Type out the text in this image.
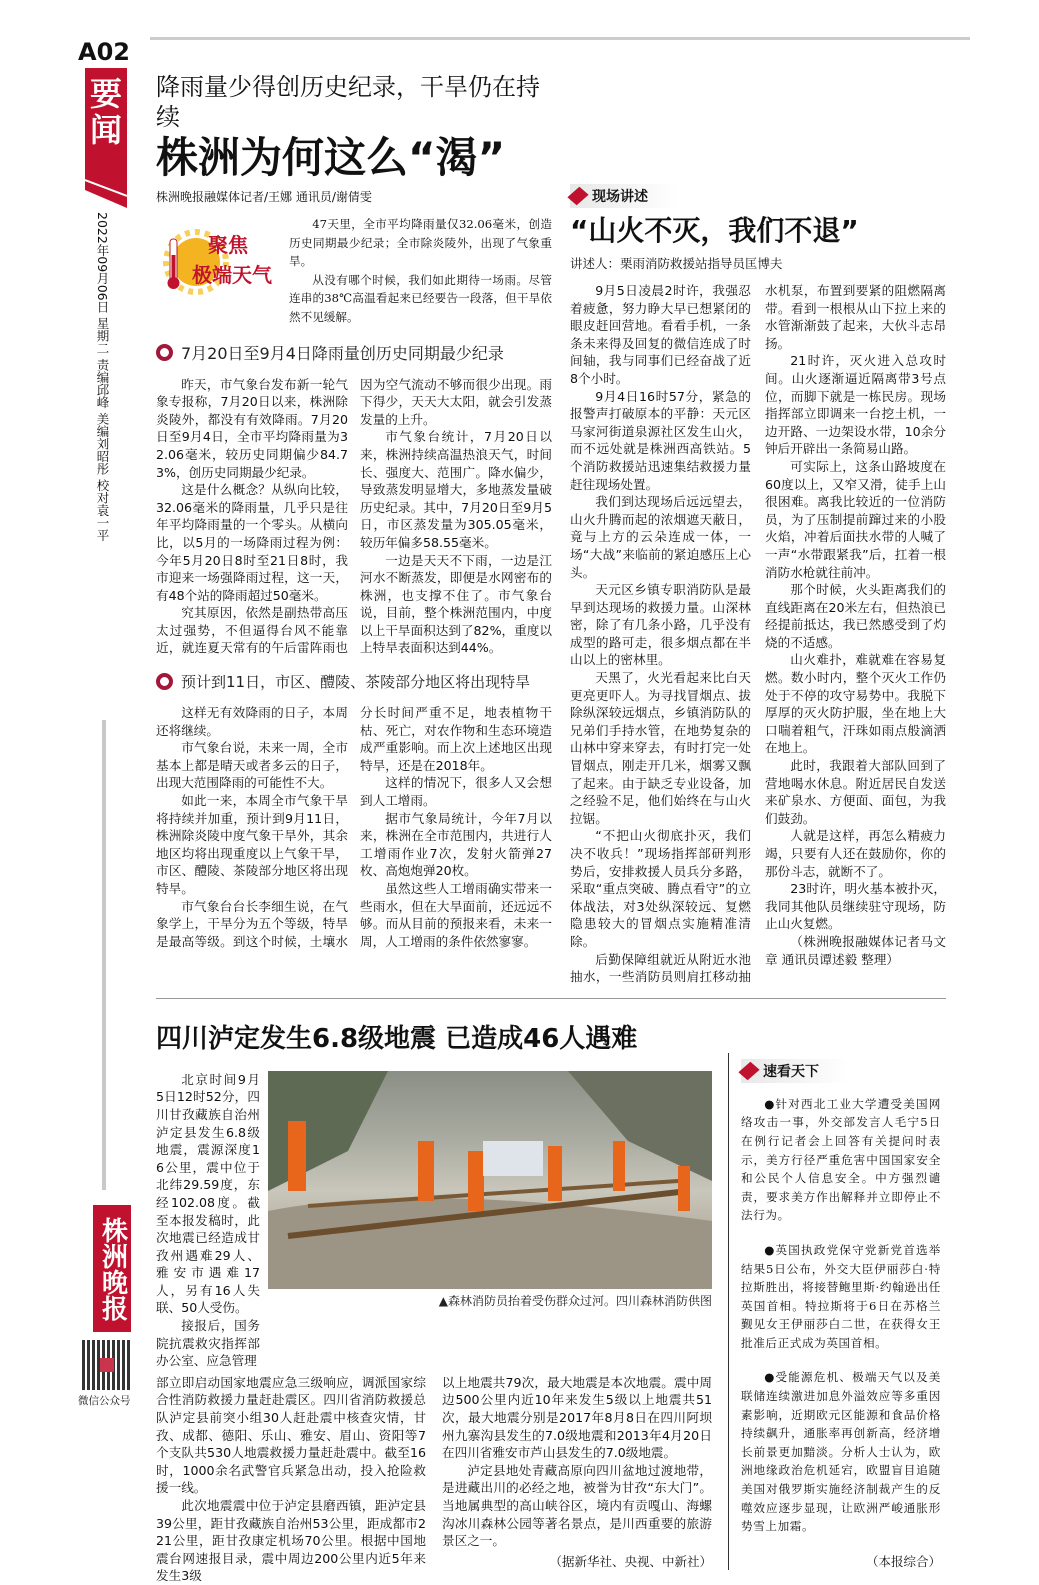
A02
要闻
2022年09月06日 星期二 责编邱峰 美编刘昭彤 校对袁一平
株洲晚报
微信公众号
降雨量少得创历史纪录，干旱仍在持续
株洲为何这么“渴”
株洲晚报融媒体记者/王娜 通讯员/谢倩雯
聚焦
极端天气

47天里，全市平均降雨量仅32.06毫米，创造历史同期最少纪录；全市除炎陵外，出现了气象重旱。

从没有哪个时候，我们如此期待一场雨。尽管连串的38℃高温看起来已经要告一段落，但干旱依然不见缓解。

7月20日至9月4日降雨量创历史同期最少纪录

昨天，市气象台发布新一轮气象专报称，7月20日以来，株洲除炎陵外，都没有有效降雨。7月20日至9月4日，全市平均降雨量为32.06毫米，较历史同期偏少84.73%，创历史同期最少纪录。

这是什么概念？从纵向比较，32.06毫米的降雨量，几乎只是往年平均降雨量的一个零头。从横向比，以5月的一场降雨过程为例：今年5月20日8时至21日8时，我市迎来一场强降雨过程，这一天，有48个站的降雨超过50毫米。

究其原因，依然是副热带高压太过强势，不但逼得台风不能靠近，就连夏天常有的午后雷阵雨也因为空气流动不够而很少出现。雨下得少，天天大太阳，就会引发蒸发量的上升。

市气象台统计，7月20日以来，株洲持续高温热浪天气，时间长、强度大、范围广。降水偏少，导致蒸发明显增大，多地蒸发量破历史纪录。其中，7月20日至9月5日，市区蒸发量为305.05毫米，较历年偏多58.55毫米。

一边是天天不下雨，一边是江河水不断蒸发，即便是水网密布的株洲，也支撑不住了。市气象台说，目前，整个株洲范围内，中度以上干旱面积达到了82%，重度以上特旱表面积达到44%。

预计到11日，市区、醴陵、茶陵部分地区将出现特旱

这样无有效降雨的日子，本周还将继续。

市气象台说，未来一周，全市基本上都是晴天或者多云的日子，出现大范围降雨的可能性不大。

如此一来，本周全市气象干旱将持续并加重，预计到9月11日，株洲除炎陵中度气象干旱外，其余地区均将出现重度以上气象干旱，市区、醴陵、茶陵部分地区将出现特旱。

市气象台台长李细生说，在气象学上，干旱分为五个等级，特旱是最高等级。到这个时候，土壤水分长时间严重不足，地表植物干枯、死亡，对农作物和生态环境造成严重影响。而上次上述地区出现特旱，还是在2018年。

这样的情况下，很多人又会想到人工增雨。

据市气象局统计，今年7月以来，株洲在全市范围内，共进行人工增雨作业7次，发射火箭弹27枚、高炮炮弹20枚。

虽然这些人工增雨确实带来一些雨水，但在大旱面前，还远远不够。而从目前的预报来看，未来一周，人工增雨的条件依然寥寥。

现场讲述
“山火不灭，我们不退”
讲述人：栗雨消防救援站指导员匡博夫

9月5日凌晨2时许，我强忍着疲惫，努力睁大早已想紧闭的眼皮赶回营地。看看手机，一条条未来得及回复的微信连成了时间轴，我与同事们已经奋战了近8个小时。

9月4日16时57分，紧急的报警声打破原本的平静：天元区马家河街道泉源社区发生山火，而不远处就是株洲西高铁站。5个消防救援站迅速集结救援力量赶往现场处置。

我们到达现场后远远望去，山火升腾而起的浓烟遮天蔽日，竟与上方的云朵连成一体，一场“大战”来临前的紧迫感压上心头。

天元区乡镇专职消防队是最早到达现场的救援力量。山深林密，除了有几条小路，几乎没有成型的路可走，很多烟点都在半山以上的密林里。

天黑了，火光看起来比白天更亮更吓人。为寻找冒烟点、拔除纵深较远烟点，乡镇消防队的兄弟们手持水管，在地势复杂的山林中穿来穿去，有时打完一处冒烟点，刚走开几米，烟雾又飘了起来。由于缺乏专业设备，加之经验不足，他们始终在与山火拉锯。

“不把山火彻底扑灭，我们决不收兵！”现场指挥部研判形势后，安排救援人员兵分多路，采取“重点突破、腾点看守”的立体战法，对3处纵深较远、复燃隐患较大的冒烟点实施精准清除。

后勤保障组就近从附近水池抽水，一些消防员则肩扛移动抽水机泵，布置到要紧的阻燃隔离带。看到一根根从山下拉上来的水管渐渐鼓了起来，大伙斗志昂扬。

21时许，灭火进入总攻时间。山火逐渐逼近隔离带3号点位，而脚下就是一栋民房。现场指挥部立即调来一台挖土机，一边开路、一边架设水带，10余分钟后开辟出一条简易山路。

可实际上，这条山路坡度在60度以上，又窄又滑，徒手上山很困难。离我比较近的一位消防员，为了压制提前蹿过来的小股火焰，冲着后面扶水带的人喊了一声“水带跟紧我”后，扛着一根消防水枪就往前冲。

那个时候，火头距离我们的直线距离在20米左右，但热浪已经提前抵达，我已然感受到了灼烧的不适感。

山火难扑，难就难在容易复燃。数小时内，整个灭火工作仍处于不停的攻守易势中。我脱下厚厚的灭火防护服，坐在地上大口喘着粗气，汗珠如雨点般滴洒在地上。

此时，我跟着大部队回到了营地喝水休息。附近居民自发送来矿泉水、方便面、面包，为我们鼓劲。

人就是这样，再怎么精疲力竭，只要有人还在鼓励你，你的那份斗志，就断不了。

23时许，明火基本被扑灭，我同其他队员继续驻守现场，防止山火复燃。

（株洲晚报融媒体记者马文章 通讯员谭述毅 整理）

四川泸定发生6.8级地震 已造成46人遇难

北京时间9月5日12时52分，四川甘孜藏族自治州泸定县发生6.8级地震，震源深度16公里，震中位于北纬29.59度，东经102.08度。截至本报发稿时，此次地震已经造成甘孜州遇难29人、雅安市遇难17人，另有16人失联、50人受伤。

接报后，国务院抗震救灾指挥部办公室、应急管理

▲森林消防员抬着受伤群众过河。四川森林消防供图

部立即启动国家地震应急三级响应，调派国家综合性消防救援力量赶赴震区。四川省消防救援总队泸定县前突小组30人赶赴震中核查灾情，甘孜、成都、德阳、乐山、雅安、眉山、资阳等7个支队共530人地震救援力量赶赴震中。截至16时，1000余名武警官兵紧急出动，投入抢险救援一线。

此次地震震中位于泸定县磨西镇，距泸定县39公里，距甘孜藏族自治州53公里，距成都市221公里，距甘孜康定机场70公里。根据中国地震台网速报目录，震中周边200公里内近5年来发生3级

以上地震共79次，最大地震是本次地震。震中周边500公里内近10年来发生5级以上地震共51次，最大地震分别是2017年8月8日在四川阿坝州九寨沟县发生的7.0级地震和2013年4月20日在四川省雅安市芦山县发生的7.0级地震。

泸定县地处青藏高原向四川盆地过渡地带，是进藏出川的必经之地，被誉为甘孜“东大门”。当地属典型的高山峡谷区，境内有贡嘎山、海螺沟冰川森林公园等著名景点，是川西重要的旅游景区之一。

（据新华社、央视、中新社）
速看天下

●针对西北工业大学遭受美国网络攻击一事，外交部发言人毛宁5日在例行记者会上回答有关提问时表示，美方行径严重危害中国国家安全和公民个人信息安全。中方强烈谴责，要求美方作出解释并立即停止不法行为。

●英国执政党保守党新党首选举结果5日公布，外交大臣伊丽莎白·特拉斯胜出，将接替鲍里斯·约翰逊出任英国首相。特拉斯将于6日在苏格兰觐见女王伊丽莎白二世，在获得女王批准后正式成为英国首相。

●受能源危机、极端天气以及美联储连续激进加息外溢效应等多重因素影响，近期欧元区能源和食品价格持续飙升，通胀率再创新高，经济增长前景更加黯淡。分析人士认为，欧洲地缘政治危机延宕，欧盟盲目追随美国对俄罗斯实施经济制裁产生的反噬效应逐步显现，让欧洲严峻通胀形势雪上加霜。

（本报综合）
